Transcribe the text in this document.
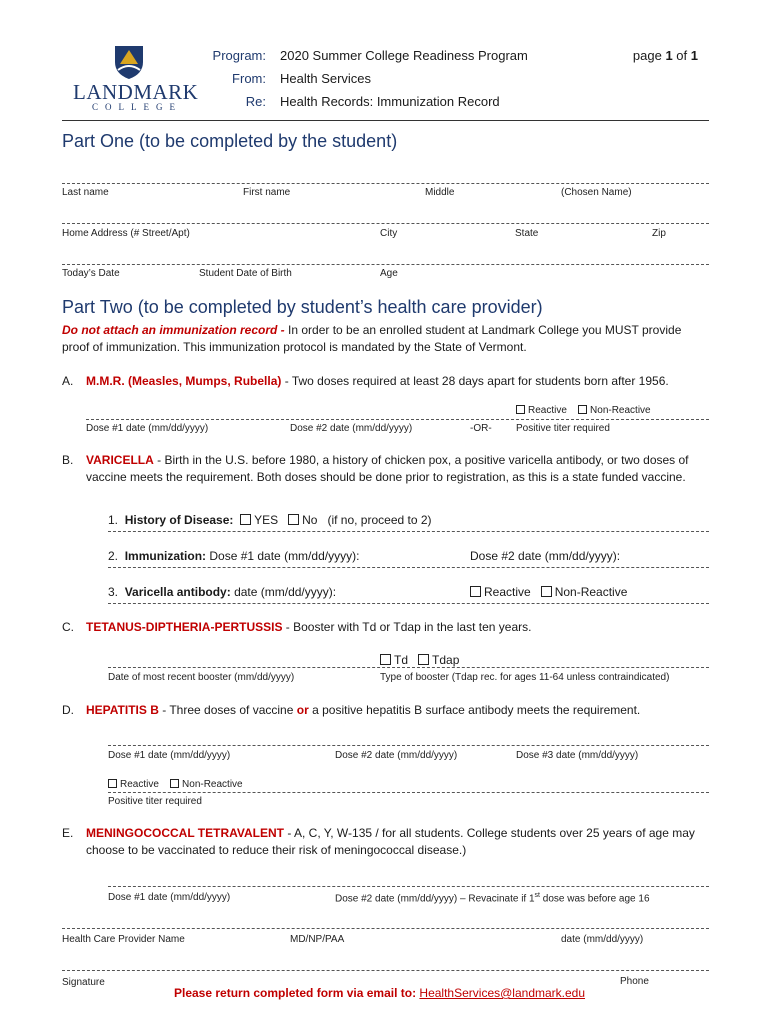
LANDMARK
COLLEGE
Program: 2020 Summer College Readiness Program
From: Health Services
Re: Health Records: Immunization Record
page 1 of 1
Part One (to be completed by the student)
Last name	First name	Middle	(Chosen Name)
Home Address (# Street/Apt)	City	State	Zip
Today’s Date	Student Date of Birth	Age
Part Two (to be completed by student’s health care provider)
Do not attach an immunization record - In order to be an enrolled student at Landmark College you MUST provide proof of immunization. This immunization protocol is mandated by the State of Vermont.
A. M.M.R. (Measles, Mumps, Rubella) - Two doses required at least 28 days apart for students born after 1956.
Reactive Non-Reactive
Dose #1 date (mm/dd/yyyy)	Dose #2 date (mm/dd/yyyy)	-OR- Positive titer required
B. VARICELLA - Birth in the U.S. before 1980, a history of chicken pox, a positive varicella antibody, or two doses of vaccine meets the requirement. Both doses should be done prior to registration, as this is a state funded vaccine.
1. History of Disease: YES No (if no, proceed to 2)
2. Immunization: Dose #1 date (mm/dd/yyyy):	Dose #2 date (mm/dd/yyyy):
3. Varicella antibody: date (mm/dd/yyyy):	Reactive Non-Reactive
C. TETANUS-DIPTHERIA-PERTUSSIS - Booster with Td or Tdap in the last ten years.
Td Tdap
Date of most recent booster (mm/dd/yyyy)	Type of booster (Tdap rec. for ages 11-64 unless contraindicated)
D. HEPATITIS B - Three doses of vaccine or a positive hepatitis B surface antibody meets the requirement.
Dose #1 date (mm/dd/yyyy)	Dose #2 date (mm/dd/yyyy)	Dose #3 date (mm/dd/yyyy)
Reactive Non-Reactive
Positive titer required
E. MENINGOCOCCAL TETRAVALENT - A, C, Y, W-135 / for all students. College students over 25 years of age may choose to be vaccinated to reduce their risk of meningococcal disease.)
Dose #1 date (mm/dd/yyyy)	Dose #2 date (mm/dd/yyyy) – Revacinate if 1st dose was before age 16
Health Care Provider Name	MD/NP/PAA	date (mm/dd/yyyy)
Signature	Phone
Please return completed form via email to: HealthServices@landmark.edu
